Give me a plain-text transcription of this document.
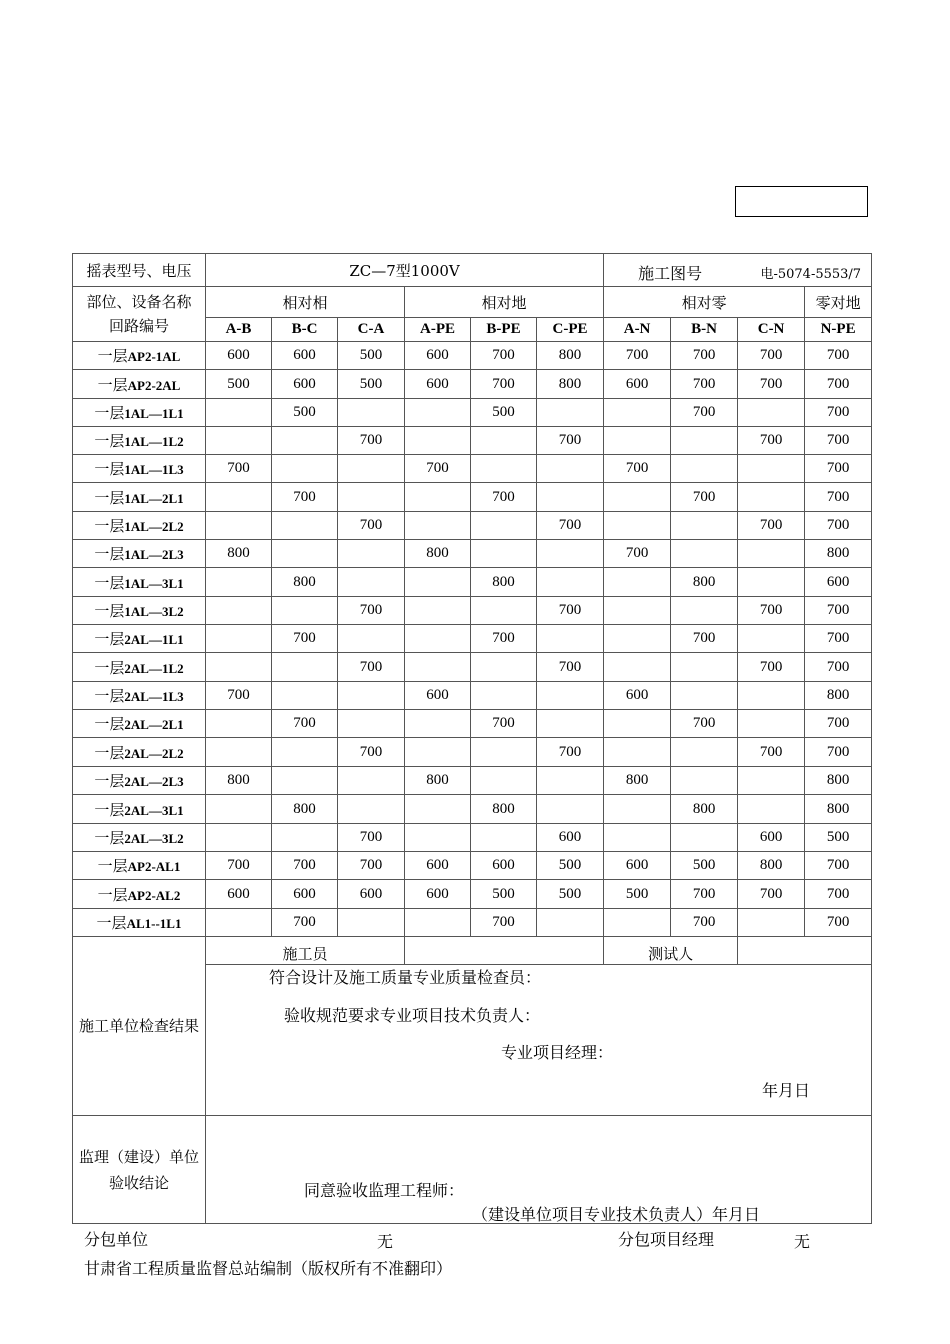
摇表型号、电压	ZC—7型1000V						施工图号 电-5074-5553/7			

部位、设备名称
回路编号	相对相			相对地			相对零			零对地
	A-B	B-C	C-A	A-PE	B-PE	C-PE	A-N	B-N	C-N	N-PE
一层AP2-1AL	600	600	500	600	700	800	700	700	700	700
一层AP2-2AL	500	600	500	600	700	800	600	700	700	700
一层1AL—1L1		500			500			700		700
一层1AL—1L2			700			700			700	700
一层1AL—1L3	700			700			700			700
一层1AL—2L1		700			700			700		700
一层1AL—2L2			700			700			700	700
一层1AL—2L3	800			800			700			800
一层1AL—3L1		800			800			800		600
一层1AL—3L2			700			700			700	700
一层2AL—1L1		700			700			700		700
一层2AL—1L2			700			700			700	700
一层2AL—1L3	700			600			600			800
一层2AL—2L1		700			700			700		700
一层2AL—2L2			700			700			700	700
一层2AL—2L3	800			800			800			800
一层2AL—3L1		800			800			800		800
一层2AL—3L2			700			600			600	500
一层AP2-AL1	700	700	700	600	600	500	600	500	800	700
一层AP2-AL2	600	600	600	600	500	500	500	700	700	700
一层AL1--1L1		700			700			700		700
施工单位检查结果	施工员						测试人			

	符合设计及施工质量专业质量检查员：
验收规范要求专业项目技术负责人：
专业项目经理：
年月日									

监理（建设）单位验收结论	同意验收监理工程师：
（建设单位项目专业技术负责人）年月日									
分包单位	无	分包项目经理	无
甘肃省工程质量监督总站编制（版权所有不准翻印）
